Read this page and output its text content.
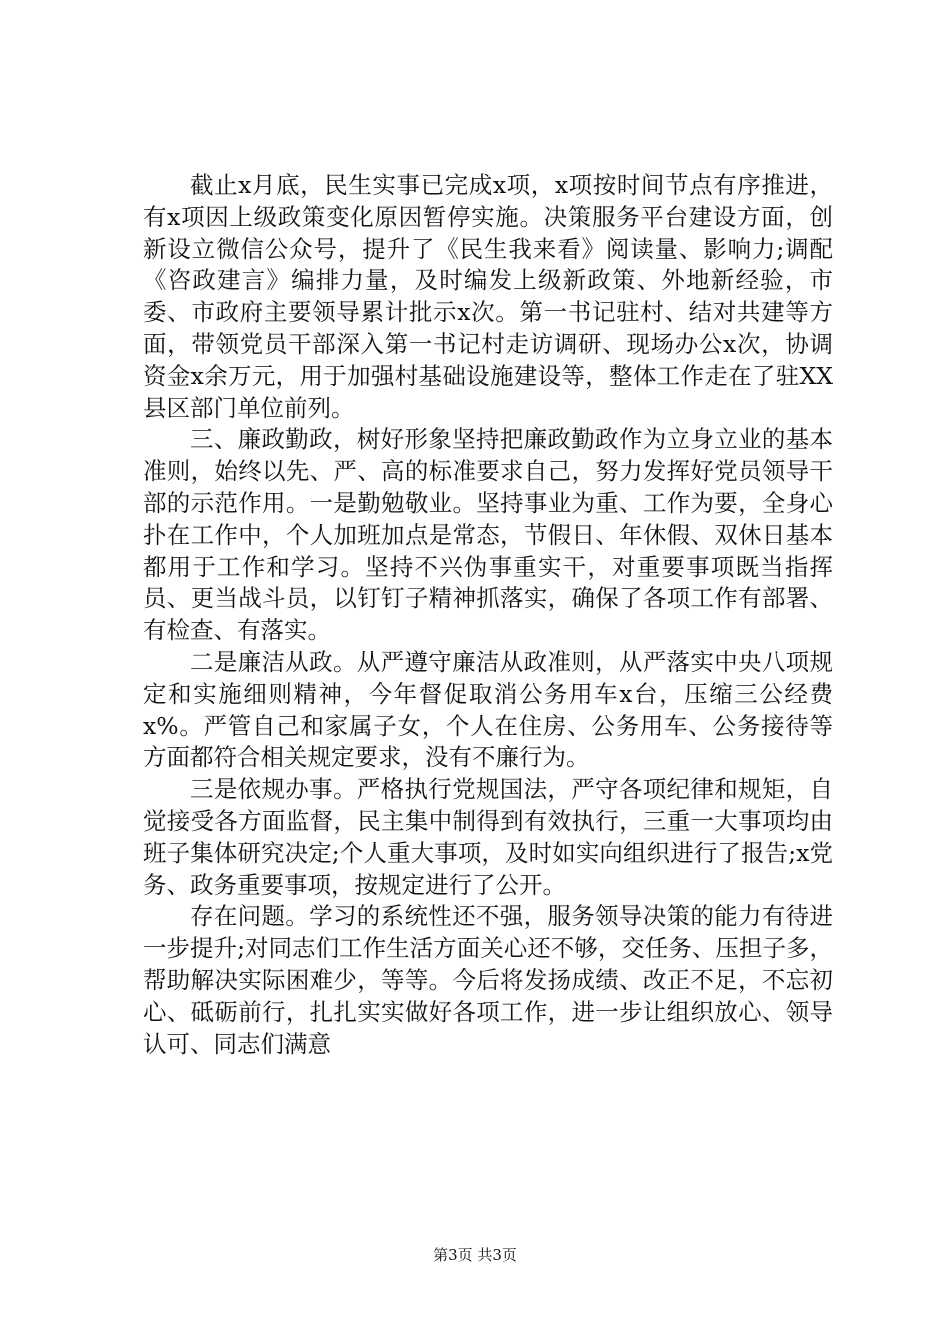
截止x月底，民生实事已完成x项，x项按时间节点有序推进，有x项因上级政策变化原因暂停实施。决策服务平台建设方面，创新设立微信公众号，提升了《民生我来看》阅读量、影响力;调配《咨政建言》编排力量，及时编发上级新政策、外地新经验，市委、市政府主要领导累计批示x次。第一书记驻村、结对共建等方面，带领党员干部深入第一书记村走访调研、现场办公x次，协调资金x余万元，用于加强村基础设施建设等，整体工作走在了驻XX县区部门单位前列。

三、廉政勤政，树好形象坚持把廉政勤政作为立身立业的基本准则，始终以先、严、高的标准要求自己，努力发挥好党员领导干部的示范作用。一是勤勉敬业。坚持事业为重、工作为要，全身心扑在工作中，个人加班加点是常态，节假日、年休假、双休日基本都用于工作和学习。坚持不兴伪事重实干，对重要事项既当指挥员、更当战斗员，以钉钉子精神抓落实，确保了各项工作有部署、有检查、有落实。

二是廉洁从政。从严遵守廉洁从政准则，从严落实中央八项规定和实施细则精神，今年督促取消公务用车x台，压缩三公经费x%。严管自己和家属子女，个人在住房、公务用车、公务接待等方面都符合相关规定要求，没有不廉行为。

三是依规办事。严格执行党规国法，严守各项纪律和规矩，自觉接受各方面监督，民主集中制得到有效执行，三重一大事项均由班子集体研究决定;个人重大事项，及时如实向组织进行了报告;x党务、政务重要事项，按规定进行了公开。

存在问题。学习的系统性还不强，服务领导决策的能力有待进一步提升;对同志们工作生活方面关心还不够，交任务、压担子多，帮助解决实际困难少，等等。今后将发扬成绩、改正不足，不忘初心、砥砺前行，扎扎实实做好各项工作，进一步让组织放心、领导认可、同志们满意

第3页 共3页
